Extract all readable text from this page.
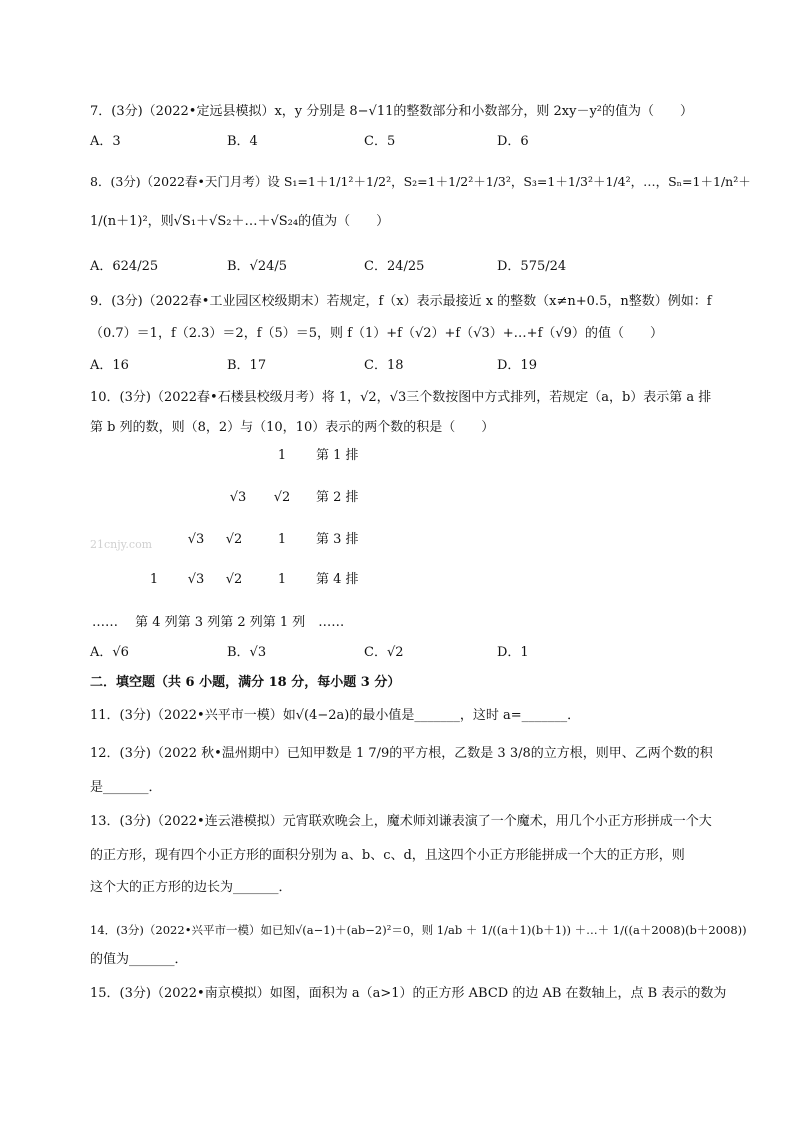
7．(3分)（2022•定远县模拟）x，y 分别是 8−√11的整数部分和小数部分，则 2xy－y²的值为（　　）
A．3	B．4	C．5	D．6
8．(3分)（2022春•天门月考）设 S₁=1＋1/1²＋1/2²，S₂=1＋1/2²＋1/3²，S₃=1＋1/3²＋1/4²，…，Sₙ=1＋1/n²＋
1/(n＋1)²，则√S₁＋√S₂＋…＋√S₂₄的值为（　　）
A．624/25	B．√24/5	C．24/25	D．575/24
9．(3分)（2022春•工业园区校级期末）若规定，f（x）表示最接近 x 的整数（x≠n+0.5，n整数）例如：f
（0.7）＝1，f（2.3）＝2，f（5）＝5，则 f（1）+f（√2）+f（√3）+…+f（√9）的值（　　）
A．16	B．17	C．18	D．19
10．(3分)（2022春•石楼县校级月考）将 1，√2，√3三个数按图中方式排列，若规定（a，b）表示第 a 排
第 b 列的数，则（8，2）与（10，10）表示的两个数的积是（　　）
1	第 1 排
√3 √2 第 2 排
√3 √2	1	第 3 排
1	√3 √2	1	第 4 排
21cnjy.com
……　 第 4 列第 3 列第 2 列第 1 列　……
A．√6	B．√3	C．√2	D．1
二．填空题（共 6 小题，满分 18 分，每小题 3 分）
11．(3分)（2022•兴平市一模）如√(4−2a)的最小值是_______，这时 a=_______．
12．(3分)（2022 秋•温州期中）已知甲数是 1 7/9的平方根，乙数是 3 3/8的立方根，则甲、乙两个数的积
是_______．
13．(3分)（2022•连云港模拟）元宵联欢晚会上，魔术师刘谦表演了一个魔术，用几个小正方形拼成一个大
的正方形，现有四个小正方形的面积分别为 a、b、c、d，且这四个小正方形能拼成一个大的正方形，则
这个大的正方形的边长为_______．
14．(3分)（2022•兴平市一模）如已知√(a−1)＋(ab−2)²＝0，则 1/ab ＋ 1/((a＋1)(b＋1)) ＋…＋ 1/((a＋2008)(b＋2008))
的值为_______．
15．(3分)（2022•南京模拟）如图，面积为 a（a>1）的正方形 ABCD 的边 AB 在数轴上，点 B 表示的数为
